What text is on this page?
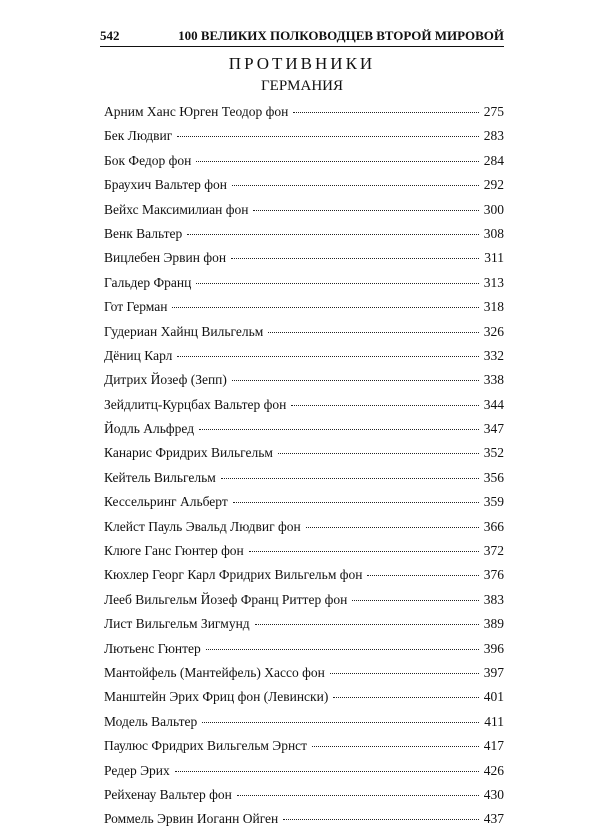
542	100 ВЕЛИКИХ ПОЛКОВОДЦЕВ ВТОРОЙ МИРОВОЙ
ПРОТИВНИКИ
ГЕРМАНИЯ
Арним Ханс Юрген Теодор фон	275
Бек Людвиг	283
Бок Федор фон	284
Браухич Вальтер фон	292
Вейхс Максимилиан фон	300
Венк Вальтер	308
Вицлебен Эрвин фон	311
Гальдер Франц	313
Гот Герман	318
Гудериан Хайнц Вильгельм	326
Дёниц Карл	332
Дитрих Йозеф (Зепп)	338
Зейдлитц-Курцбах Вальтер фон	344
Йодль Альфред	347
Канарис Фридрих Вильгельм	352
Кейтель Вильгельм	356
Кессельринг Альберт	359
Клейст Пауль Эвальд Людвиг фон	366
Клюге Ганс Гюнтер фон	372
Кюхлер Георг Карл Фридрих Вильгельм фон	376
Лееб Вильгельм Йозеф Франц Риттер фон	383
Лист Вильгельм Зигмунд	389
Лютьенс Гюнтер	396
Мантойфель (Мантейфель) Хассо фон	397
Манштейн Эрих Фриц фон (Левински)	401
Модель Вальтер	411
Паулюс Фридрих Вильгельм Эрнст	417
Редер Эрих	426
Рейхенау Вальтер фон	430
Роммель Эрвин Иоганн Ойген	437
